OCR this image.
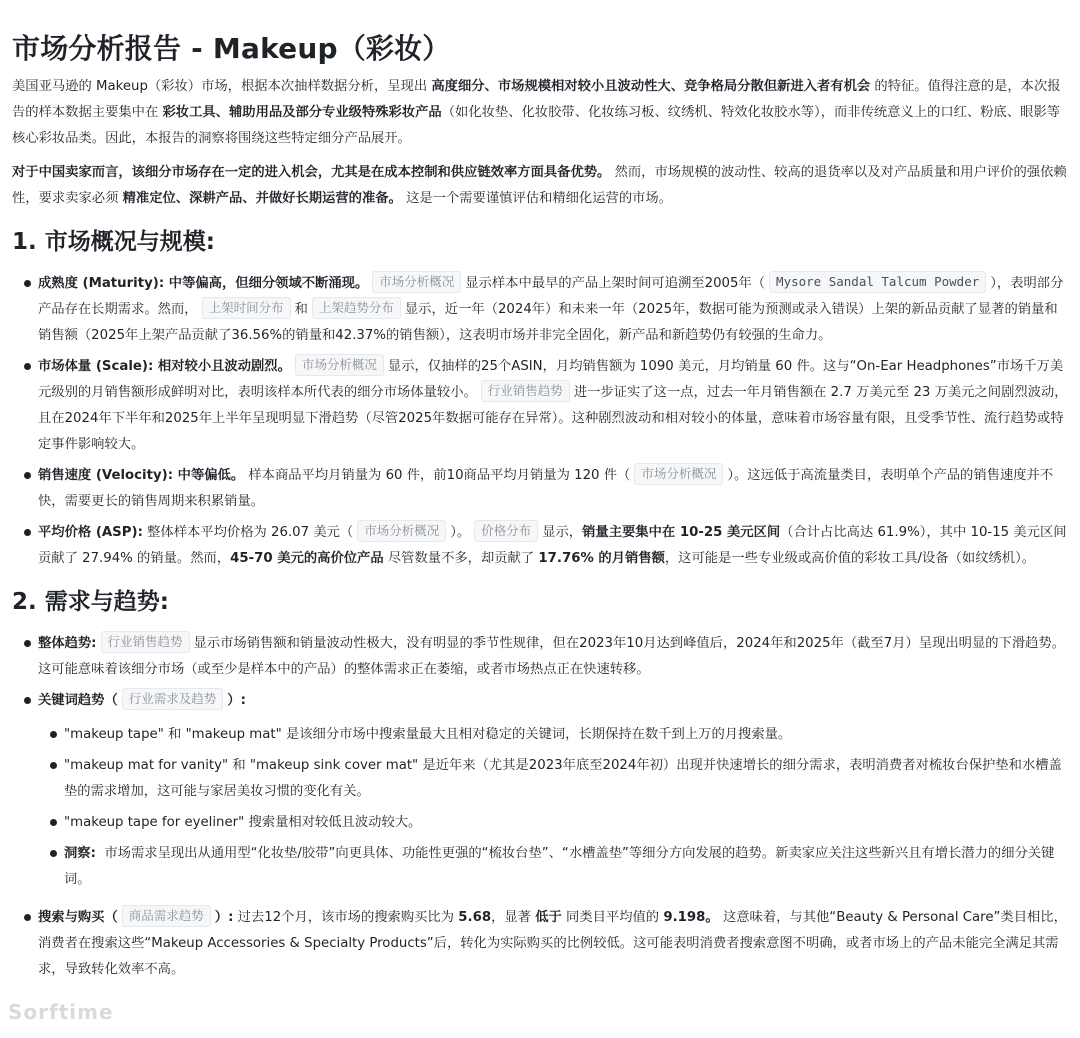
市场分析报告 - Makeup（彩妆）

美国亚马逊的 Makeup（彩妆）市场，根据本次抽样数据分析，呈现出 高度细分、市场规模相对较小且波动性大、竞争格局分散但新进入者有机会 的特征。值得注意的是，本次报告的样本数据主要集中在 彩妆工具、辅助用品及部分专业级特殊彩妆产品（如化妆垫、化妆胶带、化妆练习板、纹绣机、特效化妆胶水等），而非传统意义上的口红、粉底、眼影等核心彩妆品类。因此，本报告的洞察将围绕这些特定细分产品展开。

对于中国卖家而言，该细分市场存在一定的进入机会，尤其是在成本控制和供应链效率方面具备优势。 然而，市场规模的波动性、较高的退货率以及对产品质量和用户评价的强依赖性，要求卖家必须 精准定位、深耕产品、并做好长期运营的准备。 这是一个需要谨慎评估和精细化运营的市场。

1. 市场概况与规模:
成熟度 (Maturity): 中等偏高，但细分领域不断涌现。 市场分析概况 显示样本中最早的产品上架时间可追溯至2005年（ Mysore Sandal Talcum Powder ），表明部分产品存在长期需求。然而， 上架时间分布 和 上架趋势分布 显示，近一年（2024年）和未来一年（2025年，数据可能为预测或录入错误）上架的新品贡献了显著的销量和销售额（2025年上架产品贡献了36.56%的销量和42.37%的销售额），这表明市场并非完全固化，新产品和新趋势仍有较强的生命力。
市场体量 (Scale): 相对较小且波动剧烈。 市场分析概况 显示，仅抽样的25个ASIN，月均销售额为 1090 美元，月均销量 60 件。这与“On-Ear Headphones”市场千万美元级别的月销售额形成鲜明对比，表明该样本所代表的细分市场体量较小。 行业销售趋势 进一步证实了这一点，过去一年月销售额在 2.7 万美元至 23 万美元之间剧烈波动，且在2024年下半年和2025年上半年呈现明显下滑趋势（尽管2025年数据可能存在异常）。这种剧烈波动和相对较小的体量，意味着市场容量有限，且受季节性、流行趋势或特定事件影响较大。
销售速度 (Velocity): 中等偏低。 样本商品平均月销量为 60 件，前10商品平均月销量为 120 件（ 市场分析概况 ）。这远低于高流量类目，表明单个产品的销售速度并不快，需要更长的销售周期来积累销量。
平均价格 (ASP): 整体样本平均价格为 26.07 美元（ 市场分析概况 ）。 价格分布 显示，销量主要集中在 10-25 美元区间（合计占比高达 61.9%），其中 10-15 美元区间贡献了 27.94% 的销量。然而，45-70 美元的高价位产品 尽管数量不多，却贡献了 17.76% 的月销售额，这可能是一些专业级或高价值的彩妆工具/设备（如纹绣机）。
2. 需求与趋势:
整体趋势: 行业销售趋势 显示市场销售额和销量波动性极大，没有明显的季节性规律，但在2023年10月达到峰值后，2024年和2025年（截至7月）呈现出明显的下滑趋势。这可能意味着该细分市场（或至少是样本中的产品）的整体需求正在萎缩，或者市场热点正在快速转移。
关键词趋势（ 行业需求及趋势 ）:
"makeup tape" 和 "makeup mat" 是该细分市场中搜索量最大且相对稳定的关键词，长期保持在数千到上万的月搜索量。
"makeup mat for vanity" 和 "makeup sink cover mat" 是近年来（尤其是2023年底至2024年初）出现并快速增长的细分需求，表明消费者对梳妆台保护垫和水槽盖垫的需求增加，这可能与家居美妆习惯的变化有关。
"makeup tape for eyeliner" 搜索量相对较低且波动较大。
洞察: 市场需求呈现出从通用型“化妆垫/胶带”向更具体、功能性更强的“梳妆台垫”、“水槽盖垫”等细分方向发展的趋势。新卖家应关注这些新兴且有增长潜力的细分关键词。
搜索与购买（ 商品需求趋势 ）: 过去12个月，该市场的搜索购买比为 5.68，显著 低于 同类目平均值的 9.198。 这意味着，与其他“Beauty & Personal Care”类目相比，消费者在搜索这些“Makeup Accessories & Specialty Products”后，转化为实际购买的比例较低。这可能表明消费者搜索意图不明确，或者市场上的产品未能完全满足其需求，导致转化效率不高。
Sorftime
